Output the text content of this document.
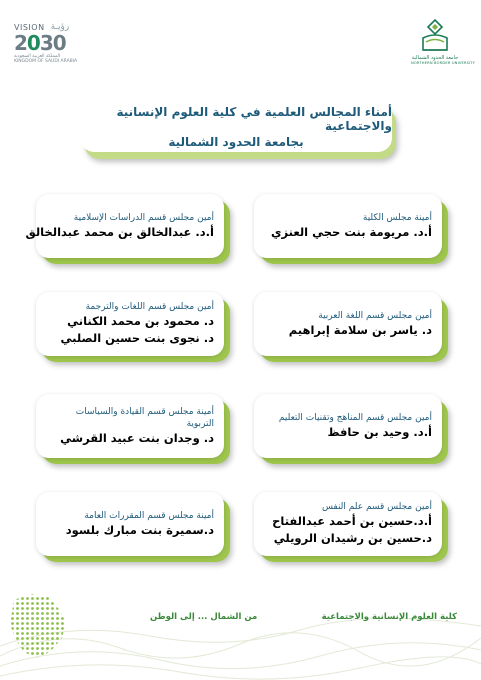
VISION رؤيـة
2030
المملكة العربية السعودية
KINGDOM OF SAUDI ARABIA
جامعة الحدود الشمالية
NORTHERN BORDER UNIVERSITY
أمناء المجالس العلمية في كلية العلوم الإنسانية والاجتماعية
بجامعة الحدود الشمالية
أمينة مجلس الكلية
أ.د. مريومة بنت حجي العنزي
أمين مجلس قسم الدراسات الإسلامية
أ.د. عبدالخالق بن محمد عبدالخالق
أمين مجلس قسم اللغة العربية
د. ياسر بن سلامة إبراهيم
أمين مجلس قسم اللغات والترجمة
د. محمود بن محمد الكناني
د. نجوى بنت حسين الصلبي
أمين مجلس قسم المناهج وتقنيات التعليم
أ.د. وحيد بن حافظ
أمينة مجلس قسم القيادة والسياسات التربوية
د. وجدان بنت عبيد القرشي
أمين مجلس قسم علم النفس
أ.د.حسين بن أحمد عبدالفتاح
د.حسين بن رشيدان الرويلي
أمينة مجلس قسم المقررات العامة
د.سميرة بنت مبارك بلسود
من الشمال ... إلى الوطن	كلية العلوم الإنسانية والاجتماعية
